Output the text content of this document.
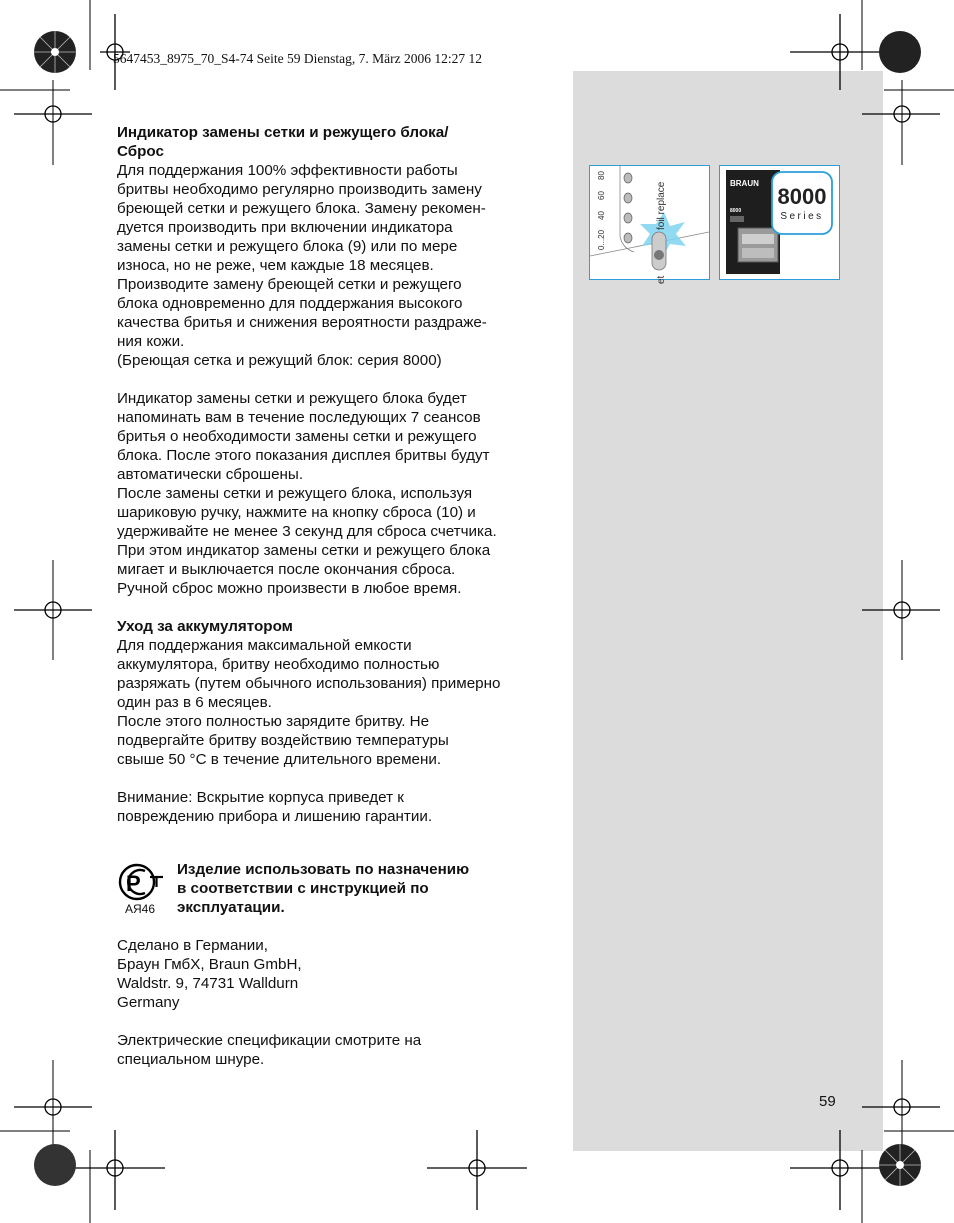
5647453_8975_70_S4-74 Seite 59 Dienstag, 7. März 2006 12:27 12

Индикатор замены сетки и режущего блока/
Сброс

Для поддержания 100% эффективности работы
бритвы необходимо регулярно производить замену
бреющей сетки и режущего блока. Замену рекомен-
дуется производить при включении индикатора
замены сетки и режущего блока (9) или по мере
износа, но не реже, чем каждые 18 месяцев.
Производите замену бреющей сетки и режущего
блока одновременно для поддержания высокого
качества бритья и снижения вероятности раздраже-
ния кожи.
(Бреющая сетка и режущий блок: серия 8000)
Индикатор замены сетки и режущего блока будет
напоминать вам в течение последующих 7 сеансов
бритья о необходимости замены сетки и режущего
блока. После этого показания дисплея бритвы будут
автоматически сброшены.
После замены сетки и режущего блока, используя
шариковую ручку, нажмите на кнопку сброса (10) и
удерживайте не менее 3 секунд для сброса счетчика.
При этом индикатор замены сетки и режущего блока
мигает и выключается после окончания сброса.
Ручной сброс можно произвести в любое время.

Уход за аккумулятором

Для поддержания максимальной емкости
аккумулятора, бритву необходимо полностью
разряжать (путем обычного использования) примерно
один раз в 6 месяцев.
После этого полностью зарядите бритву. Не
подвергайте бритву воздействию температуры
свыше 50 °C в течение длительного времени.
Внимание: Вскрытие корпуса приведет к
повреждению прибора и лишению гарантии.
Р
АЯ46
Изделие использовать по назначению
в соответствии с инструкцией по
эксплуатации.
Сделано в Германии,
Браун ГмбХ, Braun GmbH,
Waldstr. 9, 74731 Walldurn
Germany
Электрические спецификации смотрите на
специальном шнуре.
0...20
40
60
80
foil replace
et
BRAUN
8000
8000
Series
59
